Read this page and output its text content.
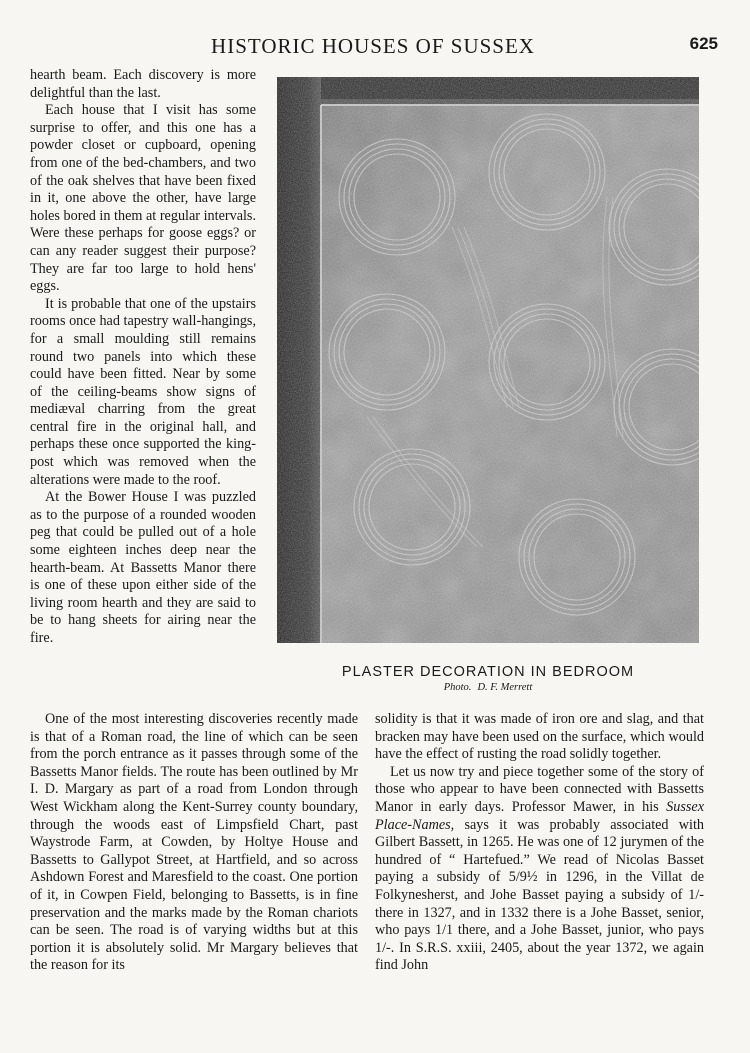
HISTORIC HOUSES OF SUSSEX	625

hearth beam. Each discovery is more delightful than the last.

Each house that I visit has some surprise to offer, and this one has a powder closet or cupboard, opening from one of the bed-chambers, and two of the oak shelves that have been fixed in it, one above the other, have large holes bored in them at regular intervals. Were these perhaps for goose eggs? or can any reader suggest their purpose? They are far too large to hold hens' eggs.

It is probable that one of the upstairs rooms once had tapestry wall-hangings, for a small moulding still remains round two panels into which these could have been fitted. Near by some of the ceiling-beams show signs of mediæval charring from the great central fire in the original hall, and perhaps these once supported the king-post which was removed when the alterations were made to the roof.

At the Bower House I was puzzled as to the purpose of a rounded wooden peg that could be pulled out of a hole some eighteen inches deep near the hearth-beam. At Bassetts Manor there is one of these upon either side of the living room hearth and they are said to be to hang sheets for airing near the fire.

PLASTER DECORATION IN BEDROOM
Photo. D. F. Merrett

One of the most interesting discoveries recently made is that of a Roman road, the line of which can be seen from the porch entrance as it passes through some of the Bassetts Manor fields. The route has been outlined by Mr I. D. Margary as part of a road from London through West Wickham along the Kent-Surrey county boundary, through the woods east of Limpsfield Chart, past Waystrode Farm, at Cowden, by Holtye House and Bassetts to Gallypot Street, at Hartfield, and so across Ashdown Forest and Maresfield to the coast. One portion of it, in Cowpen Field, belonging to Bassetts, is in fine preservation and the marks made by the Roman chariots can be seen. The road is of varying widths but at this portion it is absolutely solid. Mr Margary believes that the reason for its

solidity is that it was made of iron ore and slag, and that bracken may have been used on the surface, which would have the effect of rusting the road solidly together.

Let us now try and piece together some of the story of those who appear to have been connected with Bassetts Manor in early days. Professor Mawer, in his Sussex Place-Names, says it was probably associated with Gilbert Bassett, in 1265. He was one of 12 jurymen of the hundred of “ Hartefued.” We read of Nicolas Basset paying a subsidy of 5/9½ in 1296, in the Villat de Folkynesherst, and Johe Basset paying a subsidy of 1/- there in 1327, and in 1332 there is a Johe Basset, senior, who pays 1/1 there, and a Johe Basset, junior, who pays 1/-. In S.R.S. xxiii, 2405, about the year 1372, we again find John
